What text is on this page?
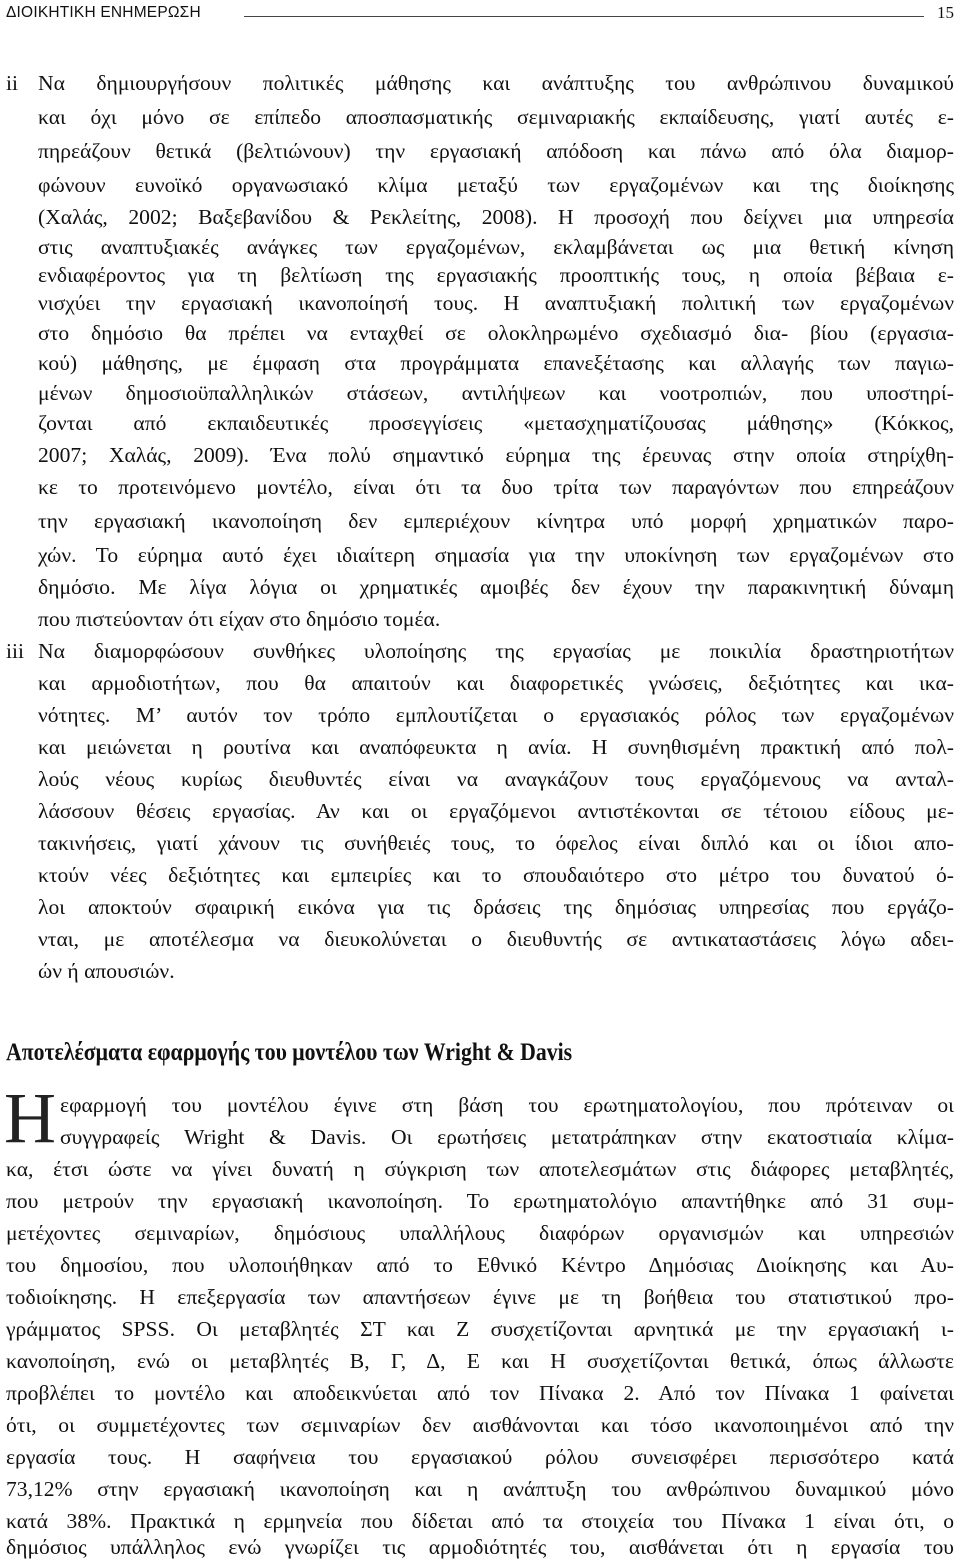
ΔΙΟΙΚΗΤΙΚΗ ΕΝΗΜΕΡΩΣΗ	15
ii Να δημιουργήσουν πολιτικές μάθησης και ανάπτυξης του ανθρώπινου δυναμικού
και όχι μόνο σε επίπεδο αποσπασματικής σεμιναριακής εκπαίδευσης, γιατί αυτές ε-
πηρεάζουν θετικά (βελτιώνουν) την εργασιακή απόδοση και πάνω από όλα διαμορ-
φώνουν ευνοϊκό οργανωσιακό κλίμα μεταξύ των εργαζομένων και της διοίκησης
(Χαλάς, 2002; Βαξεβανίδου & Ρεκλείτης, 2008). Η προσοχή που δείχνει μια υπηρεσία
στις αναπτυξιακές ανάγκες των εργαζομένων, εκλαμβάνεται ως μια θετική κίνηση
ενδιαφέροντος για τη βελτίωση της εργασιακής προοπτικής τους, η οποία βέβαια ε-
νισχύει την εργασιακή ικανοποίησή τους. Η αναπτυξιακή πολιτική των εργαζομένων
στο δημόσιο θα πρέπει να ενταχθεί σε ολοκληρωμένο σχεδιασμό δια- βίου (εργασια-
κού) μάθησης, με έμφαση στα προγράμματα επανεξέτασης και αλλαγής των παγιω-
μένων δημοσιοϋπαλληλικών στάσεων, αντιλήψεων και νοοτροπιών, που υποστηρί-
ζονται από εκπαιδευτικές προσεγγίσεις «μετασχηματίζουσας μάθησης» (Κόκκος,
2007; Χαλάς, 2009). Ένα πολύ σημαντικό εύρημα της έρευνας στην οποία στηρίχθη-
κε το προτεινόμενο μοντέλο, είναι ότι τα δυο τρίτα των παραγόντων που επηρεάζουν
την εργασιακή ικανοποίηση δεν εμπεριέχουν κίνητρα υπό μορφή χρηματικών παρο-
χών. Το εύρημα αυτό έχει ιδιαίτερη σημασία για την υποκίνηση των εργαζομένων στο
δημόσιο. Με λίγα λόγια οι χρηματικές αμοιβές δεν έχουν την παρακινητική δύναμη
που πιστεύονταν ότι είχαν στο δημόσιο τομέα.
iii Να διαμορφώσουν συνθήκες υλοποίησης της εργασίας με ποικιλία δραστηριοτήτων
και αρμοδιοτήτων, που θα απαιτούν και διαφορετικές γνώσεις, δεξιότητες και ικα-
νότητες. Μ’ αυτόν τον τρόπο εμπλουτίζεται ο εργασιακός ρόλος των εργαζομένων
και μειώνεται η ρουτίνα και αναπόφευκτα η ανία. Η συνηθισμένη πρακτική από πολ-
λούς νέους κυρίως διευθυντές είναι να αναγκάζουν τους εργαζόμενους να ανταλ-
λάσσουν θέσεις εργασίας. Αν και οι εργαζόμενοι αντιστέκονται σε τέτοιου είδους με-
τακινήσεις, γιατί χάνουν τις συνήθειές τους, το όφελος είναι διπλό και οι ίδιοι απο-
κτούν νέες δεξιότητες και εμπειρίες και το σπουδαιότερο στο μέτρο του δυνατού ό-
λοι αποκτούν σφαιρική εικόνα για τις δράσεις της δημόσιας υπηρεσίας που εργάζο-
νται, με αποτέλεσμα να διευκολύνεται ο διευθυντής σε αντικαταστάσεις λόγω αδει-
ών ή απουσιών.
Αποτελέσματα εφαρμογής του μοντέλου των Wright & Davis
Η εφαρμογή του μοντέλου έγινε στη βάση του ερωτηματολογίου, που πρότειναν οι
συγγραφείς Wright & Davis. Οι ερωτήσεις μετατράπηκαν στην εκατοστιαία κλίμα-
κα, έτσι ώστε να γίνει δυνατή η σύγκριση των αποτελεσμάτων στις διάφορες μεταβλητές,
που μετρούν την εργασιακή ικανοποίηση. Το ερωτηματολόγιο απαντήθηκε από 31 συμ-
μετέχοντες σεμιναρίων, δημόσιους υπαλλήλους διαφόρων οργανισμών και υπηρεσιών
του δημοσίου, που υλοποιήθηκαν από το Εθνικό Κέντρο Δημόσιας Διοίκησης και Αυ-
τοδιοίκησης. Η επεξεργασία των απαντήσεων έγινε με τη βοήθεια του στατιστικού προ-
γράμματος SPSS. Οι μεταβλητές ΣΤ και Ζ συσχετίζονται αρνητικά με την εργασιακή ι-
κανοποίηση, ενώ οι μεταβλητές Β, Γ, Δ, Ε και Η συσχετίζονται θετικά, όπως άλλωστε
προβλέπει το μοντέλο και αποδεικνύεται από τον Πίνακα 2. Από τον Πίνακα 1 φαίνεται
ότι, οι συμμετέχοντες των σεμιναρίων δεν αισθάνονται και τόσο ικανοποιημένοι από την
εργασία τους. Η σαφήνεια του εργασιακού ρόλου συνεισφέρει περισσότερο κατά
73,12% στην εργασιακή ικανοποίηση και η ανάπτυξη του ανθρώπινου δυναμικού μόνο
κατά 38%. Πρακτικά η ερμηνεία που δίδεται από τα στοιχεία του Πίνακα 1 είναι ότι, ο
δημόσιος υπάλληλος ενώ γνωρίζει τις αρμοδιότητές του, αισθάνεται ότι η εργασία του
